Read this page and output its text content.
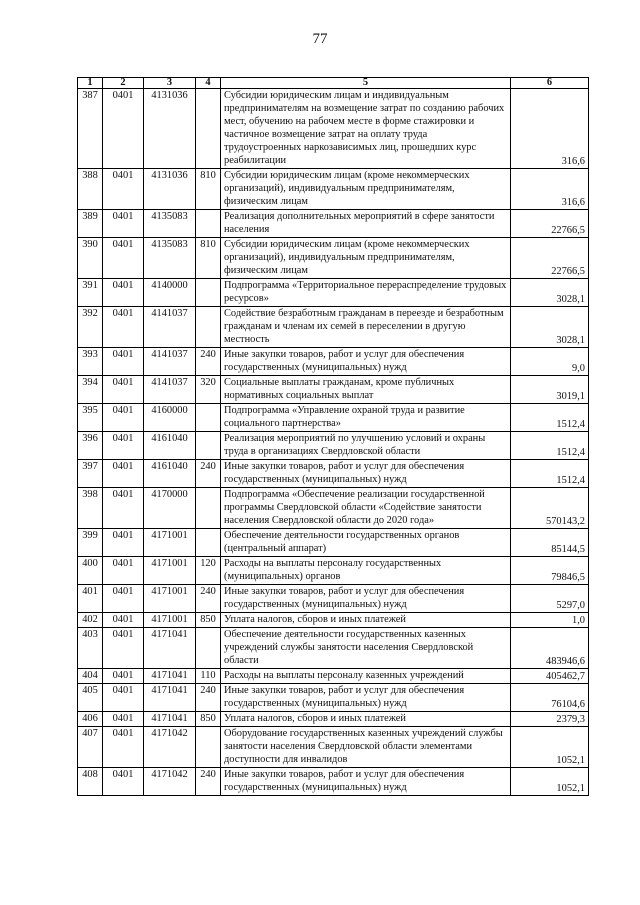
77
1	2	3	4	5	6
387	0401	4131036		Субсидии юридическим лицам и индивидуальным предпринимателям на возмещение затрат по созданию рабочих мест, обучению на рабочем месте в форме стажировки и частичное возмещение затрат на оплату труда трудоустроенных наркозависимых лиц, прошедших курс реабилитации	316,6
388	0401	4131036	810	Субсидии юридическим лицам (кроме некоммерческих организаций), индивидуальным предпринимателям, физическим лицам	316,6
389	0401	4135083		Реализация дополнительных мероприятий в сфере занятости населения	22766,5
390	0401	4135083	810	Субсидии юридическим лицам (кроме некоммерческих организаций), индивидуальным предпринимателям, физическим лицам	22766,5
391	0401	4140000		Подпрограмма «Территориальное перераспределение трудовых ресурсов»	3028,1
392	0401	4141037		Содействие безработным гражданам в переезде и безработным гражданам и членам их семей в переселении в другую местность	3028,1
393	0401	4141037	240	Иные закупки товаров, работ и услуг для обеспечения государственных (муниципальных) нужд	9,0
394	0401	4141037	320	Социальные выплаты гражданам, кроме публичных нормативных социальных выплат	3019,1
395	0401	4160000		Подпрограмма «Управление охраной труда и развитие социального партнерства»	1512,4
396	0401	4161040		Реализация мероприятий по улучшению условий и охраны труда в организациях Свердловской области	1512,4
397	0401	4161040	240	Иные закупки товаров, работ и услуг для обеспечения государственных (муниципальных) нужд	1512,4
398	0401	4170000		Подпрограмма «Обеспечение реализации государственной программы Свердловской области «Содействие занятости населения Свердловской области до 2020 года»	570143,2
399	0401	4171001		Обеспечение деятельности государственных органов (центральный аппарат)	85144,5
400	0401	4171001	120	Расходы на выплаты персоналу государственных (муниципальных) органов	79846,5
401	0401	4171001	240	Иные закупки товаров, работ и услуг для обеспечения государственных (муниципальных) нужд	5297,0
402	0401	4171001	850	Уплата налогов, сборов и иных платежей	1,0
403	0401	4171041		Обеспечение деятельности государственных казенных учреждений службы занятости населения Свердловской области	483946,6
404	0401	4171041	110	Расходы на выплаты персоналу казенных учреждений	405462,7
405	0401	4171041	240	Иные закупки товаров, работ и услуг для обеспечения государственных (муниципальных) нужд	76104,6
406	0401	4171041	850	Уплата налогов, сборов и иных платежей	2379,3
407	0401	4171042		Оборудование государственных казенных учреждений службы занятости населения Свердловской области элементами доступности для инвалидов	1052,1
408	0401	4171042	240	Иные закупки товаров, работ и услуг для обеспечения государственных (муниципальных) нужд	1052,1
